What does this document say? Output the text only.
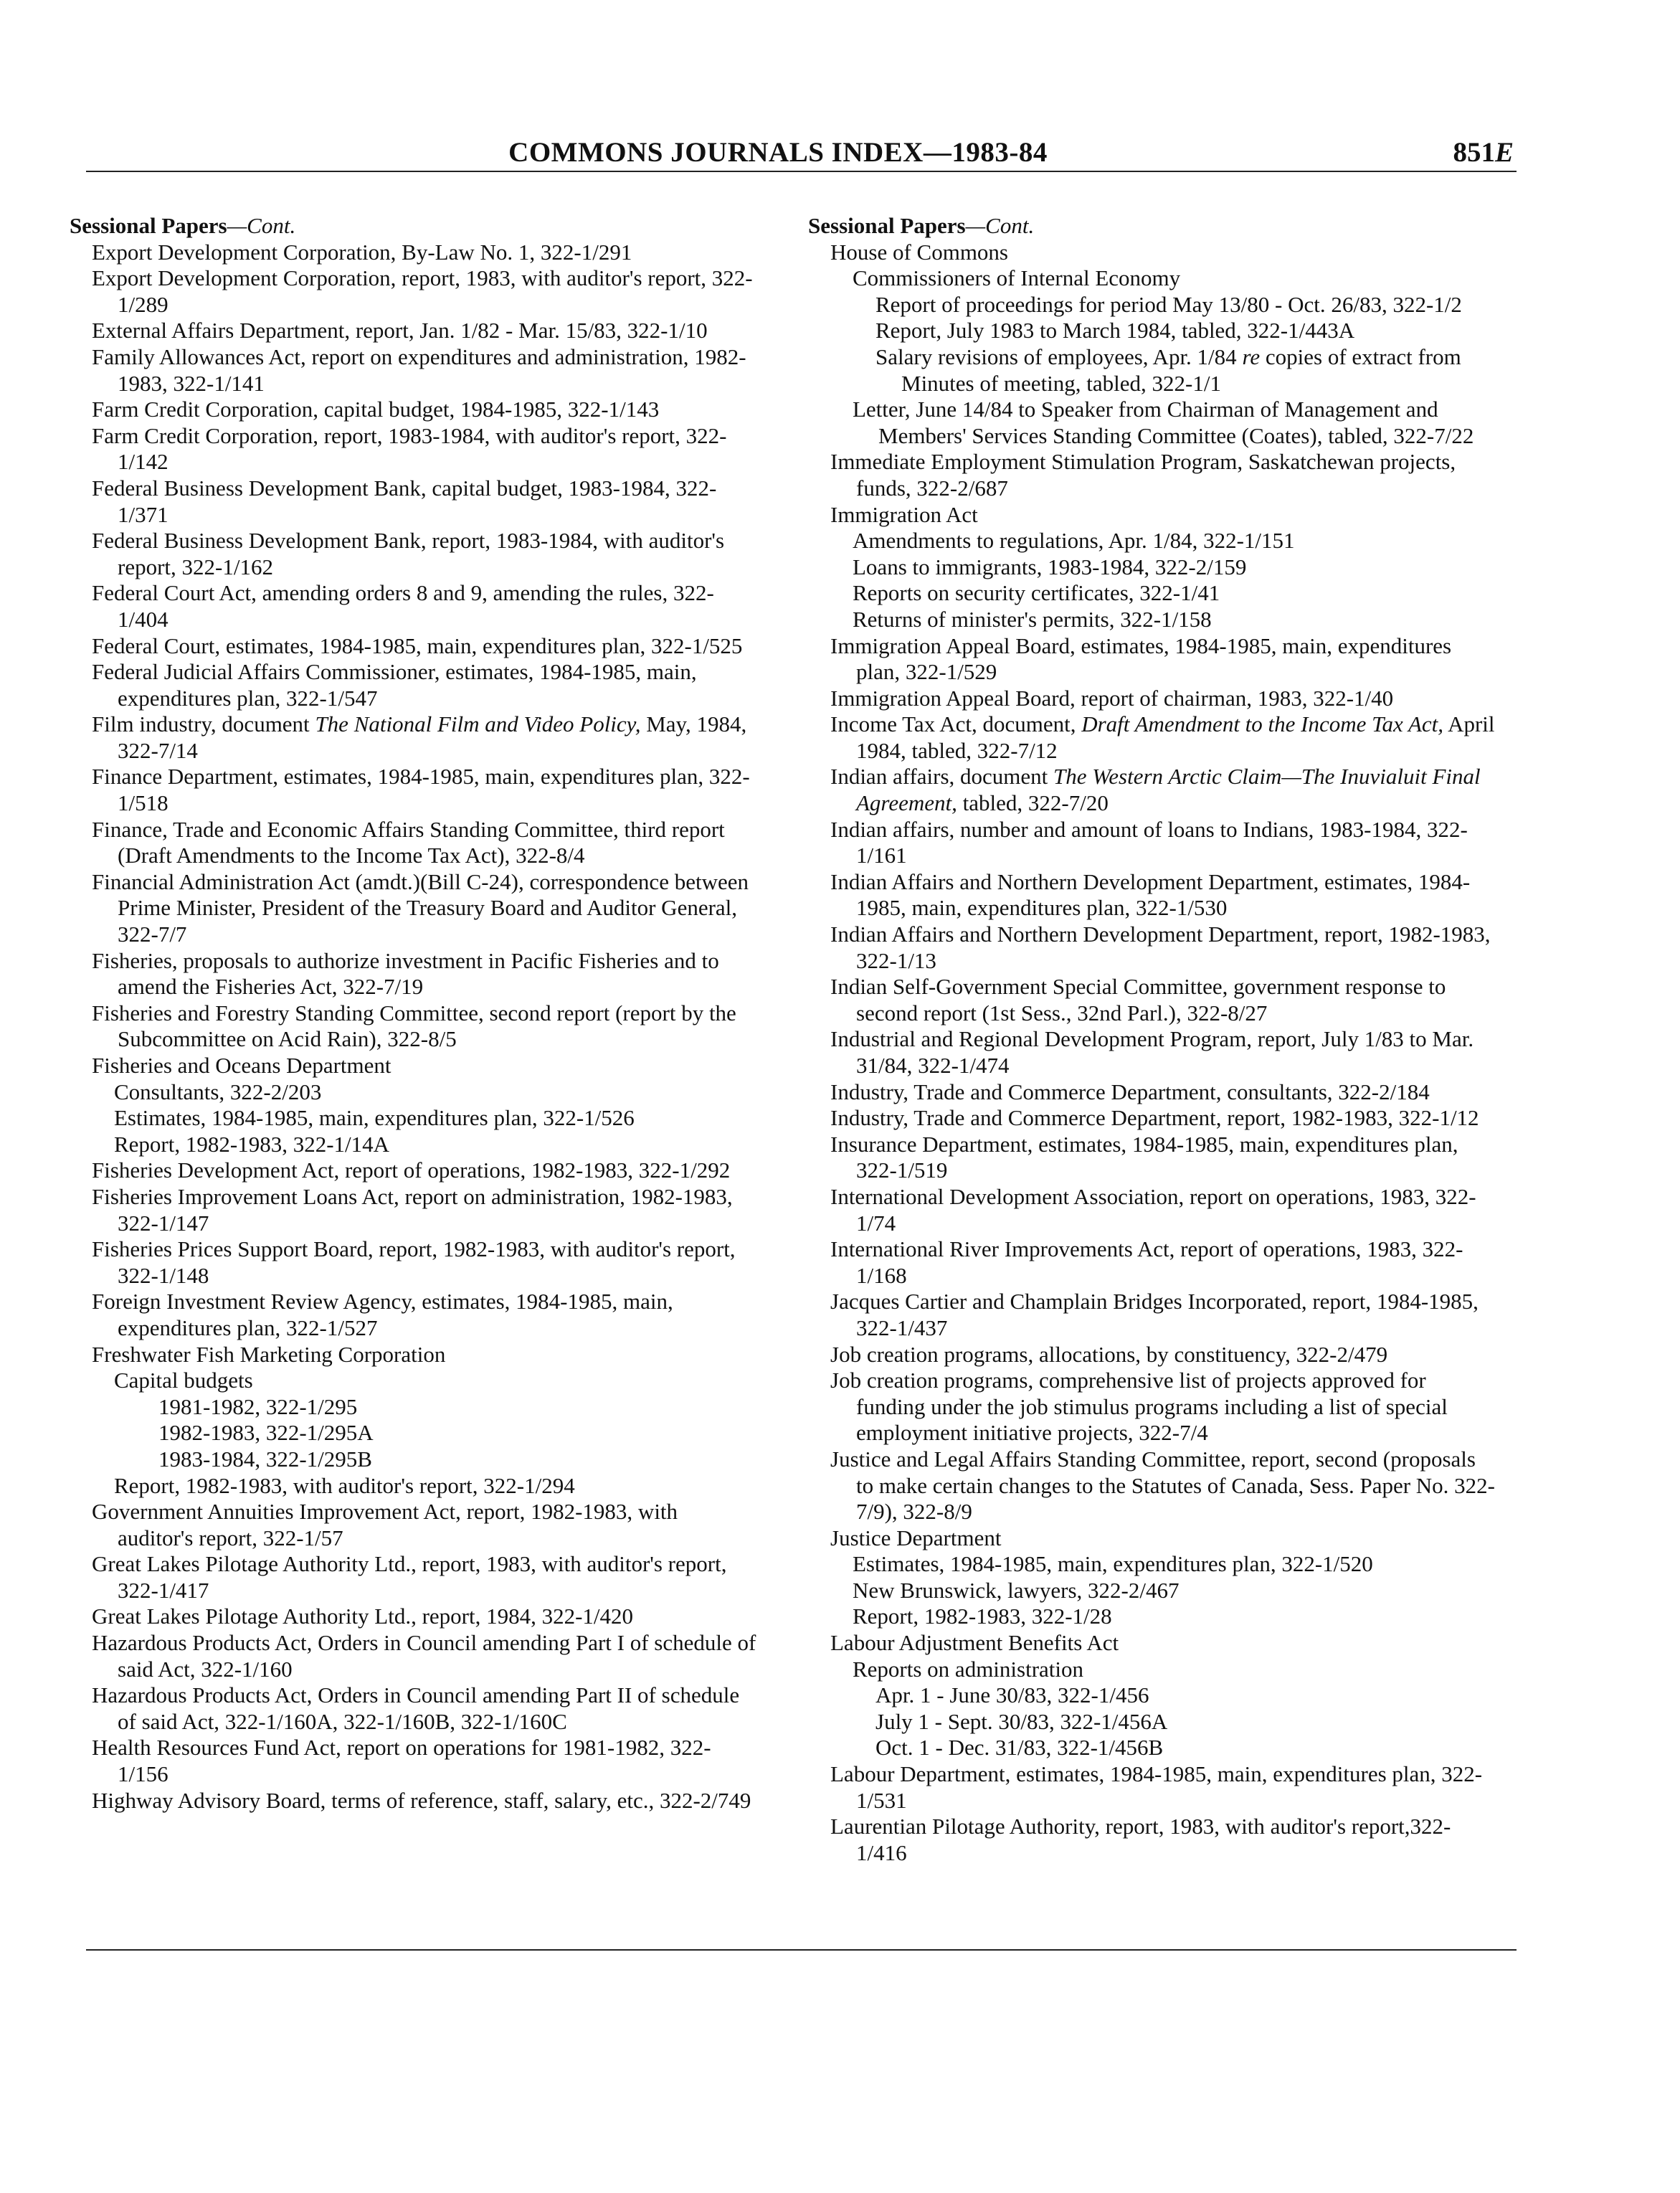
COMMONS JOURNALS INDEX—1983-84	851E
Sessional Papers—Cont.
Export Development Corporation, By-Law No. 1, 322-1/291
Export Development Corporation, report, 1983, with auditor's report, 322-1/289
External Affairs Department, report, Jan. 1/82 - Mar. 15/83, 322-1/10
Family Allowances Act, report on expenditures and administration, 1982-1983, 322-1/141
Farm Credit Corporation, capital budget, 1984-1985, 322-1/143
Farm Credit Corporation, report, 1983-1984, with auditor's report, 322-1/142
Federal Business Development Bank, capital budget, 1983-1984, 322-1/371
Federal Business Development Bank, report, 1983-1984, with auditor's report, 322-1/162
Federal Court Act, amending orders 8 and 9, amending the rules, 322-1/404
Federal Court, estimates, 1984-1985, main, expenditures plan, 322-1/525
Federal Judicial Affairs Commissioner, estimates, 1984-1985, main, expenditures plan, 322-1/547
Film industry, document The National Film and Video Policy, May, 1984, 322-7/14
Finance Department, estimates, 1984-1985, main, expenditures plan, 322-1/518
Finance, Trade and Economic Affairs Standing Committee, third report (Draft Amendments to the Income Tax Act), 322-8/4
Financial Administration Act (amdt.)(Bill C-24), correspondence between Prime Minister, President of the Treasury Board and Auditor General, 322-7/7
Fisheries, proposals to authorize investment in Pacific Fisheries and to amend the Fisheries Act, 322-7/19
Fisheries and Forestry Standing Committee, second report (report by the Subcommittee on Acid Rain), 322-8/5
Fisheries and Oceans Department
Consultants, 322-2/203
Estimates, 1984-1985, main, expenditures plan, 322-1/526
Report, 1982-1983, 322-1/14A
Fisheries Development Act, report of operations, 1982-1983, 322-1/292
Fisheries Improvement Loans Act, report on administration, 1982-1983, 322-1/147
Fisheries Prices Support Board, report, 1982-1983, with auditor's report, 322-1/148
Foreign Investment Review Agency, estimates, 1984-1985, main, expenditures plan, 322-1/527
Freshwater Fish Marketing Corporation
Capital budgets
1981-1982, 322-1/295
1982-1983, 322-1/295A
1983-1984, 322-1/295B
Report, 1982-1983, with auditor's report, 322-1/294
Government Annuities Improvement Act, report, 1982-1983, with auditor's report, 322-1/57
Great Lakes Pilotage Authority Ltd., report, 1983, with auditor's report, 322-1/417
Great Lakes Pilotage Authority Ltd., report, 1984, 322-1/420
Hazardous Products Act, Orders in Council amending Part I of schedule of said Act, 322-1/160
Hazardous Products Act, Orders in Council amending Part II of schedule of said Act, 322-1/160A, 322-1/160B, 322-1/160C
Health Resources Fund Act, report on operations for 1981-1982, 322-1/156
Highway Advisory Board, terms of reference, staff, salary, etc., 322-2/749
Sessional Papers—Cont.
House of Commons
Commissioners of Internal Economy
Report of proceedings for period May 13/80 - Oct. 26/83, 322-1/2
Report, July 1983 to March 1984, tabled, 322-1/443A
Salary revisions of employees, Apr. 1/84 re copies of extract from Minutes of meeting, tabled, 322-1/1
Letter, June 14/84 to Speaker from Chairman of Management and Members' Services Standing Committee (Coates), tabled, 322-7/22
Immediate Employment Stimulation Program, Saskatchewan projects, funds, 322-2/687
Immigration Act
Amendments to regulations, Apr. 1/84, 322-1/151
Loans to immigrants, 1983-1984, 322-2/159
Reports on security certificates, 322-1/41
Returns of minister's permits, 322-1/158
Immigration Appeal Board, estimates, 1984-1985, main, expenditures plan, 322-1/529
Immigration Appeal Board, report of chairman, 1983, 322-1/40
Income Tax Act, document, Draft Amendment to the Income Tax Act, April 1984, tabled, 322-7/12
Indian affairs, document The Western Arctic Claim—The Inuvialuit Final Agreement, tabled, 322-7/20
Indian affairs, number and amount of loans to Indians, 1983-1984, 322-1/161
Indian Affairs and Northern Development Department, estimates, 1984-1985, main, expenditures plan, 322-1/530
Indian Affairs and Northern Development Department, report, 1982-1983, 322-1/13
Indian Self-Government Special Committee, government response to second report (1st Sess., 32nd Parl.), 322-8/27
Industrial and Regional Development Program, report, July 1/83 to Mar. 31/84, 322-1/474
Industry, Trade and Commerce Department, consultants, 322-2/184
Industry, Trade and Commerce Department, report, 1982-1983, 322-1/12
Insurance Department, estimates, 1984-1985, main, expenditures plan, 322-1/519
International Development Association, report on operations, 1983, 322-1/74
International River Improvements Act, report of operations, 1983, 322-1/168
Jacques Cartier and Champlain Bridges Incorporated, report, 1984-1985, 322-1/437
Job creation programs, allocations, by constituency, 322-2/479
Job creation programs, comprehensive list of projects approved for funding under the job stimulus programs including a list of special employment initiative projects, 322-7/4
Justice and Legal Affairs Standing Committee, report, second (proposals to make certain changes to the Statutes of Canada, Sess. Paper No. 322-7/9), 322-8/9
Justice Department
Estimates, 1984-1985, main, expenditures plan, 322-1/520
New Brunswick, lawyers, 322-2/467
Report, 1982-1983, 322-1/28
Labour Adjustment Benefits Act
Reports on administration
Apr. 1 - June 30/83, 322-1/456
July 1 - Sept. 30/83, 322-1/456A
Oct. 1 - Dec. 31/83, 322-1/456B
Labour Department, estimates, 1984-1985, main, expenditures plan, 322-1/531
Laurentian Pilotage Authority, report, 1983, with auditor's report,322-1/416
